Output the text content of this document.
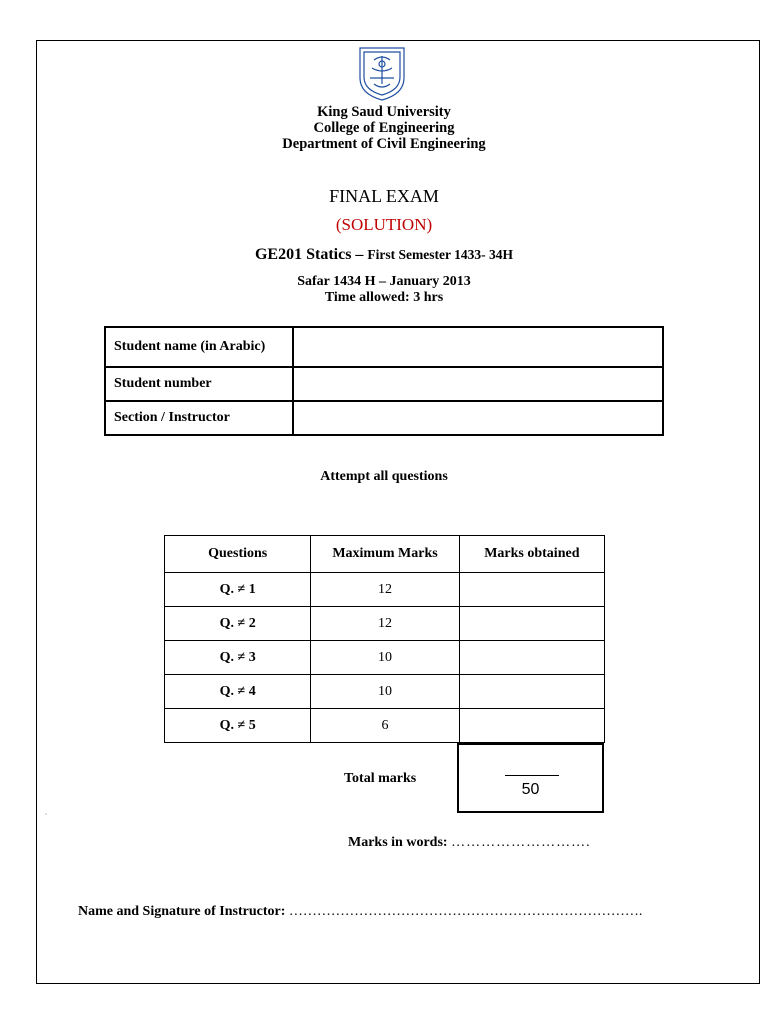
King Saud University
College of Engineering
Department of Civil Engineering
FINAL EXAM
(SOLUTION)
GE201 Statics – First Semester 1433- 34H
Safar 1434 H – January 2013
Time allowed: 3 hrs
Student name (in Arabic)	
Student number	
Section / Instructor	
Attempt all questions
Questions	Maximum Marks	Marks obtained
Q. ≠ 1	12	
Q. ≠ 2	12	
Q. ≠ 3	10	
Q. ≠ 4	10	
Q. ≠ 5	6	
Total marks
50
˜
Marks in words: ……………………….
Name and Signature of Instructor: ………………………………………………………………….
